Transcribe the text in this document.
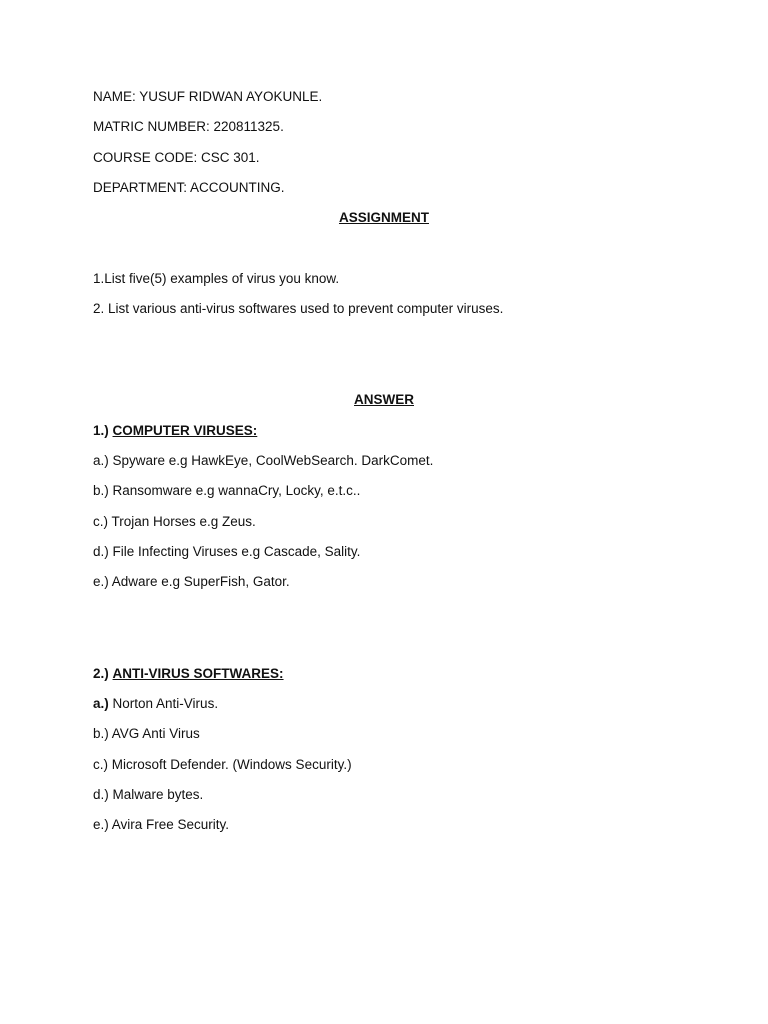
NAME: YUSUF RIDWAN AYOKUNLE.
MATRIC NUMBER: 220811325.
COURSE CODE: CSC 301.
DEPARTMENT: ACCOUNTING.
ASSIGNMENT
1.List five(5) examples of virus you know.
2. List various anti-virus softwares used to prevent computer viruses.
ANSWER
1.) COMPUTER VIRUSES:
a.) Spyware e.g HawkEye, CoolWebSearch. DarkComet.
b.) Ransomware e.g wannaCry, Locky, e.t.c..
c.) Trojan Horses e.g Zeus.
d.) File Infecting Viruses e.g Cascade, Sality.
e.) Adware e.g SuperFish, Gator.
2.) ANTI-VIRUS SOFTWARES:
a.) Norton Anti-Virus.
b.) AVG Anti Virus
c.) Microsoft Defender. (Windows Security.)
d.) Malware bytes.
e.) Avira Free Security.
